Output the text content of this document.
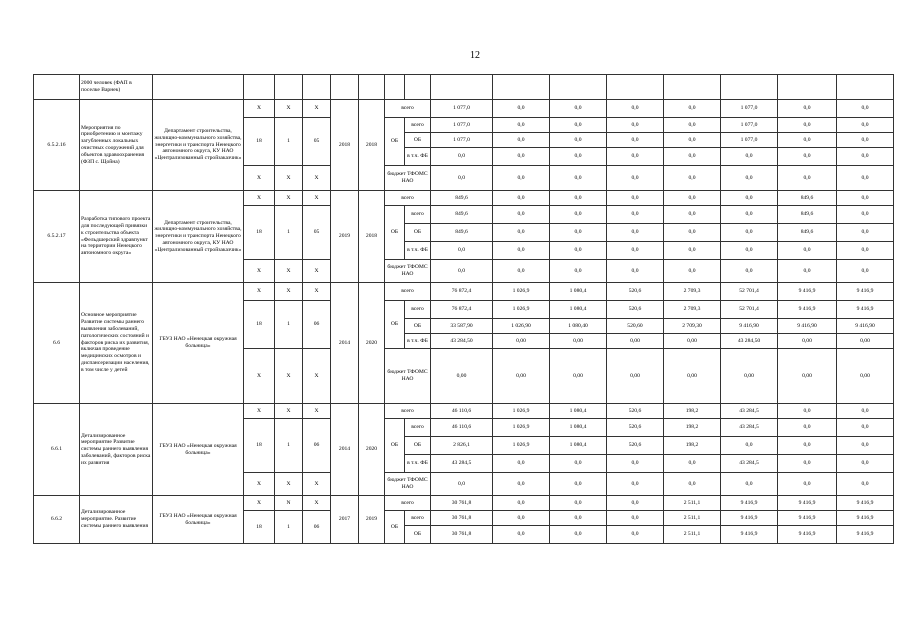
12
	2000 человек (ФАП в поселке Варнек)																
6.5.2.16	Мероприятия по приобретению и монтажу загубленных локальных очистных сооружений для объектов здравоохранения (ФЗП с. Щойна)	Департамент строительства, жилищно-коммунального хозяйства, энергетики и транспорта Ненецкого автономного округа, КУ НАО «Централизованный стройзаказчик»	X	X	X	2018	2018	всего		1 077,0	0,0	0,0	0,0	0,0	1 077,0	0,0	0,0
			18	1	05			ОБ	всего	1 077,0	0,0	0,0	0,0	0,0	1 077,0	0,0	0,0
									ОБ	1 077,0	0,0	0,0	0,0	0,0	1 077,0	0,0	0,0
									в т.ч. ФБ	0,0	0,0	0,0	0,0	0,0	0,0	0,0	0,0
			X	X	X			бюджет ТФОМС НАО		0,0	0,0	0,0	0,0	0,0	0,0	0,0	0,0
6.5.2.17	Разработка типового проекта для последующей привязки к строительства объекта «Фельдшерский здравпункт на территории Ненецкого автономного округа»	Департамент строительства, жилищно-коммунального хозяйства, энергетики и транспорта Ненецкого автономного округа, КУ НАО «Централизованный стройзаказчик»	X	X	X	2019	2018	всего		849,6	0,0	0,0	0,0	0,0	0,0	849,6	0,0
			18	1	05			ОБ	всего	849,6	0,0	0,0	0,0	0,0	0,0	849,6	0,0
									ОБ	849,6	0,0	0,0	0,0	0,0	0,0	849,6	0,0
									в т.ч. ФБ	0,0	0,0	0,0	0,0	0,0	0,0	0,0	0,0
			X	X	X			бюджет ТФОМС НАО		0,0	0,0	0,0	0,0	0,0	0,0	0,0	0,0
6.6	Основное мероприятие Развитие системы раннего выявления заболеваний, патологических состояний и факторов риска их развития, включая проведение медицинских осмотров и диспансеризации населения, в том числе у детей	ГБУЗ НАО «Ненецкая окружная больница»	X	X	X	2014	2020	всего		76 872,4	1 026,9	1 080,4	520,6	2 709,3	52 701,4	9 416,9	9 416,9
			18	1	06			ОБ	всего	76 872,4	1 026,9	1 080,4	520,6	2 709,3	52 701,4	9 416,9	9 416,9
									ОБ	33 587,90	1 026,90	1 080,40	520,60	2 709,30	9 416,90	9 416,90	9 416,90
									в т.ч. ФБ	43 284,50	0,00	0,00	0,00	0,00	43 284,50	0,00	0,00
			X	X	X			бюджет ТФОМС НАО		0,00	0,00	0,00	0,00	0,00	0,00	0,00	0,00
6.6.1	Детализированное мероприятие Развитие системы раннего выявления заболеваний, факторов риска их развития	ГБУЗ НАО «Ненецкая окружная больница»	X	X	X	2014	2020	всего		46 110,6	1 026,9	1 080,4	520,6	198,2	43 284,5	0,0	0,0
			18	1	06			ОБ	всего	46 110,6	1 026,9	1 080,4	520,6	198,2	43 284,5	0,0	0,0
									ОБ	2 826,1	1 026,9	1 080,4	520,6	198,2	0,0	0,0	0,0
									в т.ч. ФБ	43 284,5	0,0	0,0	0,0	0,0	43 284,5	0,0	0,0
			X	X	X			бюджет ТФОМС НАО		0,0	0,0	0,0	0,0	0,0	0,0	0,0	0,0
6.6.2	Детализированное мероприятие. Развитие системы раннего выявления	ГБУЗ НАО «Ненецкая окружная больница»	X	N	X	2017	2019	всего		30 761,8	0,0	0,0	0,0	2 511,1	9 416,9	9 416,9	9 416,9
			18	1	06			ОБ	всего	30 761,8	0,0	0,0	0,0	2 511,1	9 416,9	9 416,9	9 416,9
									ОБ	30 761,8	0,0	0,0	0,0	2 511,1	9 416,9	9 416,9	9 416,9
